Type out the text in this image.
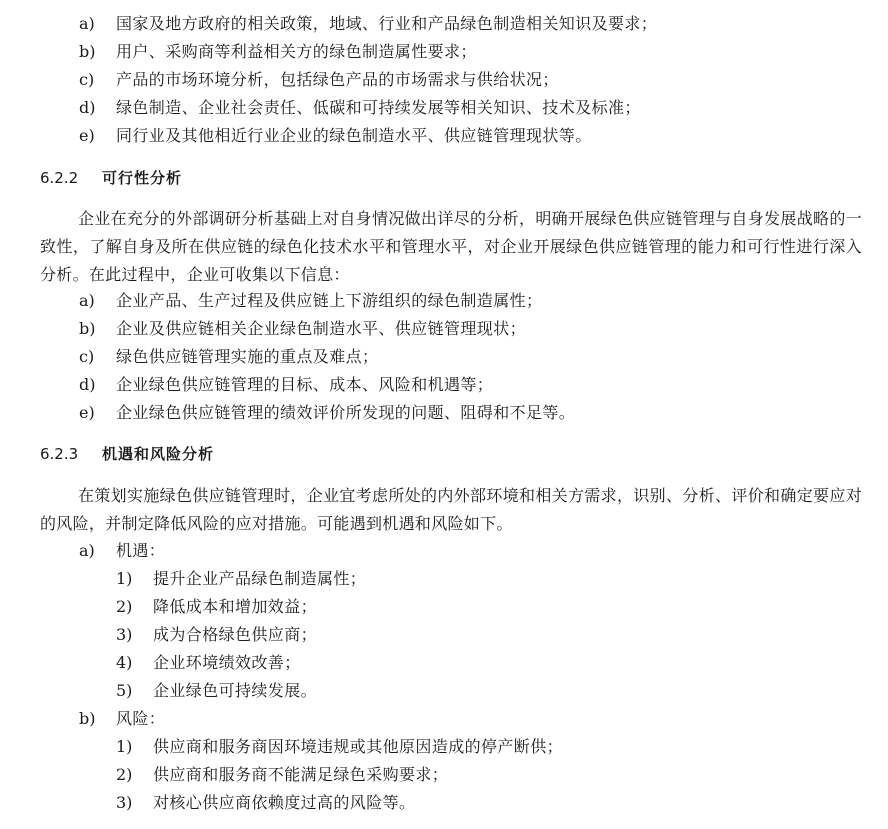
a) 国家及地方政府的相关政策，地域、行业和产品绿色制造相关知识及要求；
b) 用户、采购商等利益相关方的绿色制造属性要求；
c) 产品的市场环境分析，包括绿色产品的市场需求与供给状况；
d) 绿色制造、企业社会责任、低碳和可持续发展等相关知识、技术及标准；
e) 同行业及其他相近行业企业的绿色制造水平、供应链管理现状等。
6.2.2 可行性分析
企业在充分的外部调研分析基础上对自身情况做出详尽的分析，明确开展绿色供应链管理与自身发展战略的一致性，了解自身及所在供应链的绿色化技术水平和管理水平，对企业开展绿色供应链管理的能力和可行性进行深入分析。在此过程中，企业可收集以下信息：
a) 企业产品、生产过程及供应链上下游组织的绿色制造属性；
b) 企业及供应链相关企业绿色制造水平、供应链管理现状；
c) 绿色供应链管理实施的重点及难点；
d) 企业绿色供应链管理的目标、成本、风险和机遇等；
e) 企业绿色供应链管理的绩效评价所发现的问题、阻碍和不足等。
6.2.3 机遇和风险分析
在策划实施绿色供应链管理时，企业宜考虑所处的内外部环境和相关方需求，识别、分析、评价和确定要应对的风险，并制定降低风险的应对措施。可能遇到机遇和风险如下。
a) 机遇：
1) 提升企业产品绿色制造属性；
2) 降低成本和增加效益；
3) 成为合格绿色供应商；
4) 企业环境绩效改善；
5) 企业绿色可持续发展。
b) 风险：
1) 供应商和服务商因环境违规或其他原因造成的停产断供；
2) 供应商和服务商不能满足绿色采购要求；
3) 对核心供应商依赖度过高的风险等。
